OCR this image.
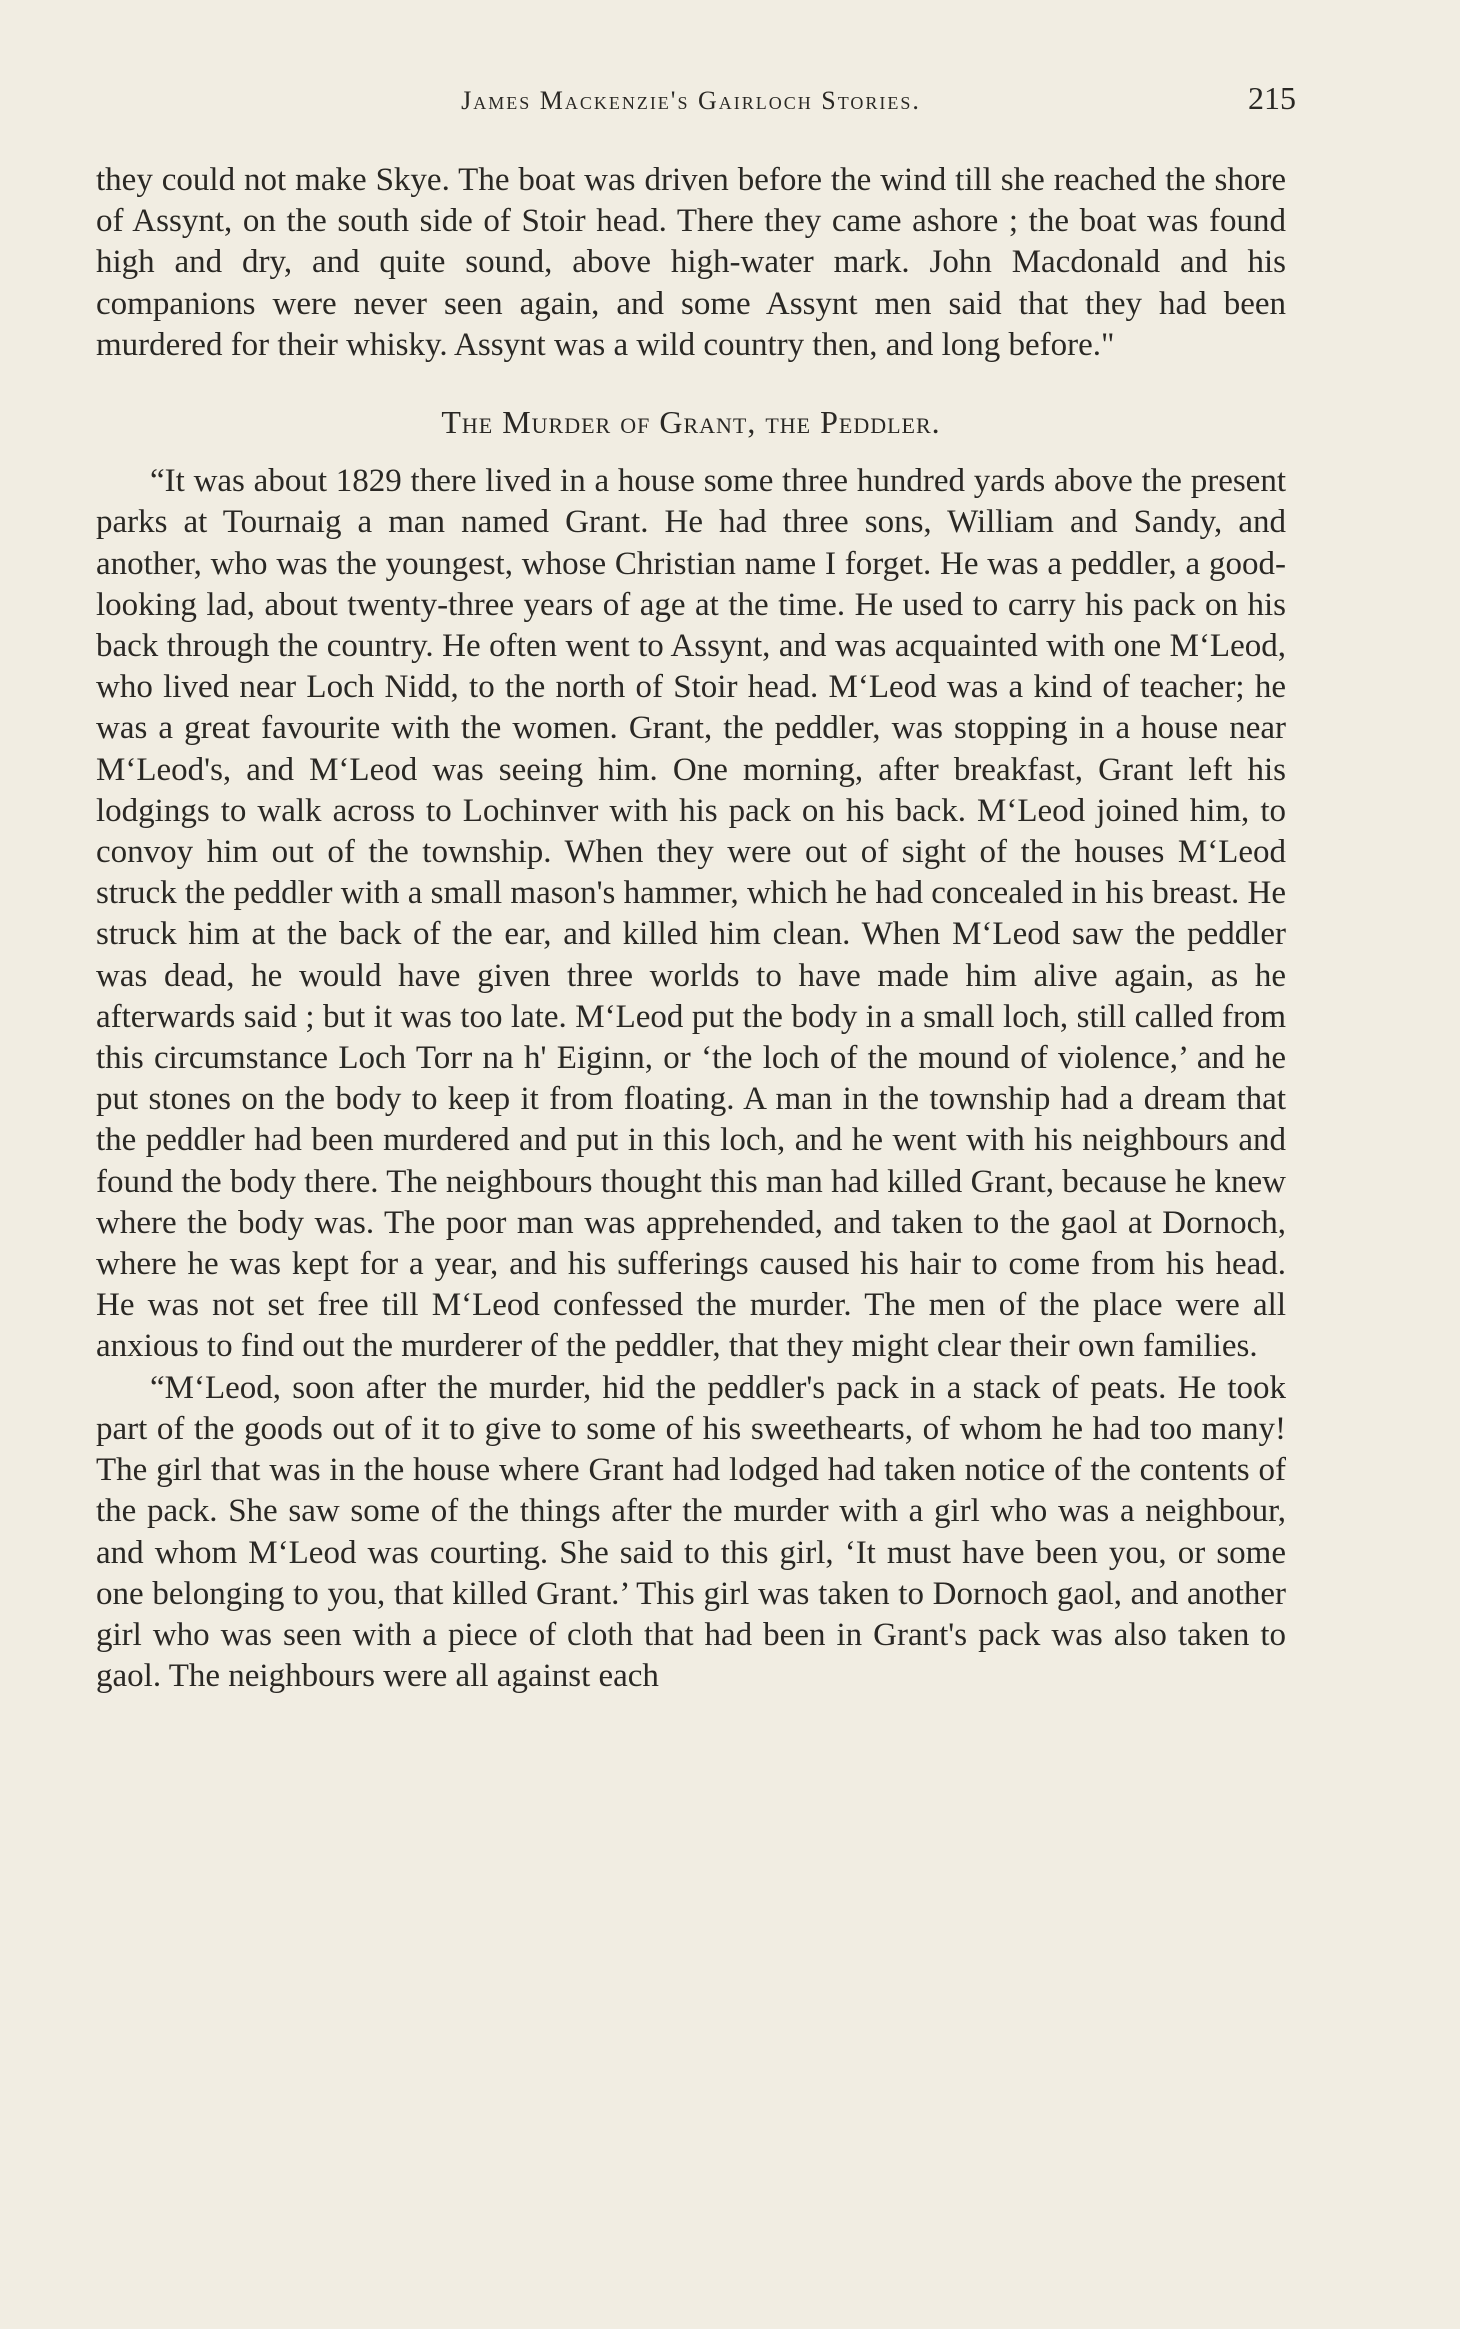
James Mackenzie's Gairloch Stories.	215

they could not make Skye. The boat was driven before the wind till she reached the shore of Assynt, on the south side of Stoir head. There they came ashore ; the boat was found high and dry, and quite sound, above high-water mark. John Macdonald and his companions were never seen again, and some Assynt men said that they had been murdered for their whisky. Assynt was a wild country then, and long before."

The Murder of Grant, the Peddler.

“It was about 1829 there lived in a house some three hundred yards above the present parks at Tournaig a man named Grant. He had three sons, William and Sandy, and another, who was the youngest, whose Christian name I forget. He was a peddler, a good-looking lad, about twenty-three years of age at the time. He used to carry his pack on his back through the country. He often went to Assynt, and was acquainted with one M‘Leod, who lived near Loch Nidd, to the north of Stoir head. M‘Leod was a kind of teacher; he was a great favourite with the women. Grant, the peddler, was stopping in a house near M‘Leod's, and M‘Leod was seeing him. One morning, after breakfast, Grant left his lodgings to walk across to Lochinver with his pack on his back. M‘Leod joined him, to convoy him out of the township. When they were out of sight of the houses M‘Leod struck the peddler with a small mason's hammer, which he had concealed in his breast. He struck him at the back of the ear, and killed him clean. When M‘Leod saw the peddler was dead, he would have given three worlds to have made him alive again, as he afterwards said ; but it was too late. M‘Leod put the body in a small loch, still called from this circumstance Loch Torr na h' Eiginn, or ‘the loch of the mound of violence,’ and he put stones on the body to keep it from floating. A man in the township had a dream that the peddler had been murdered and put in this loch, and he went with his neighbours and found the body there. The neighbours thought this man had killed Grant, because he knew where the body was. The poor man was apprehended, and taken to the gaol at Dornoch, where he was kept for a year, and his sufferings caused his hair to come from his head. He was not set free till M‘Leod confessed the murder. The men of the place were all anxious to find out the murderer of the peddler, that they might clear their own families.

“M‘Leod, soon after the murder, hid the peddler's pack in a stack of peats. He took part of the goods out of it to give to some of his sweethearts, of whom he had too many! The girl that was in the house where Grant had lodged had taken notice of the contents of the pack. She saw some of the things after the murder with a girl who was a neighbour, and whom M‘Leod was courting. She said to this girl, ‘It must have been you, or some one belonging to you, that killed Grant.’ This girl was taken to Dornoch gaol, and another girl who was seen with a piece of cloth that had been in Grant's pack was also taken to gaol. The neighbours were all against each
